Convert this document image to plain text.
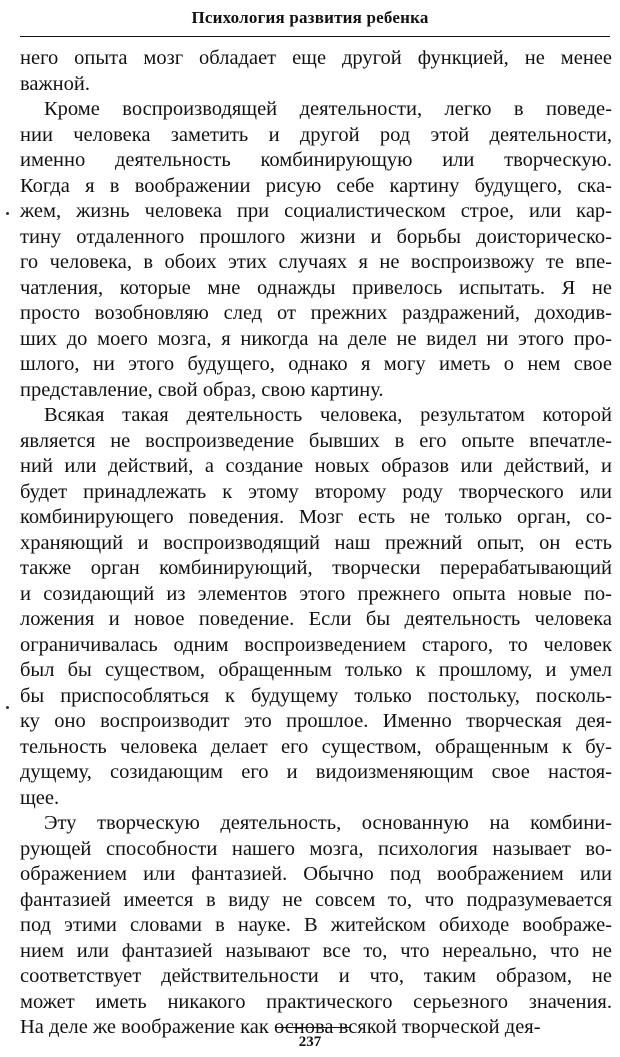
Психология развития ребенка
него опыта мозг обладает еще другой функцией, не менее
важной.
Кроме воспроизводящей деятельности, легко в поведе-
нии человека заметить и другой род этой деятельности,
именно деятельность комбинирующую или творческую.
Когда я в воображении рисую себе картину будущего, ска-
жем, жизнь человека при социалистическом строе, или кар-
тину отдаленного прошлого жизни и борьбы доисторическо-
го человека, в обоих этих случаях я не воспроизвожу те впе-
чатления, которые мне однажды привелось испытать. Я не
просто возобновляю след от прежних раздражений, доходив-
ших до моего мозга, я никогда на деле не видел ни этого про-
шлого, ни этого будущего, однако я могу иметь о нем свое
представление, свой образ, свою картину.
Всякая такая деятельность человека, результатом которой
является не воспроизведение бывших в его опыте впечатле-
ний или действий, а создание новых образов или действий, и
будет принадлежать к этому второму роду творческого или
комбинирующего поведения. Мозг есть не только орган, со-
храняющий и воспроизводящий наш прежний опыт, он есть
также орган комбинирующий, творчески перерабатывающий
и созидающий из элементов этого прежнего опыта новые по-
ложения и новое поведение. Если бы деятельность человека
ограничивалась одним воспроизведением старого, то человек
был бы существом, обращенным только к прошлому, и умел
бы приспособляться к будущему только постольку, посколь-
ку оно воспроизводит это прошлое. Именно творческая дея-
тельность человека делает его существом, обращенным к бу-
дущему, созидающим его и видоизменяющим свое настоя-
щее.
Эту творческую деятельность, основанную на комбини-
рующей способности нашего мозга, психология называет во-
ображением или фантазией. Обычно под воображением или
фантазией имеется в виду не совсем то, что подразумевается
под этими словами в науке. В житейском обиходе воображе-
нием или фантазией называют все то, что нереально, что не
соответствует действительности и что, таким образом, не
может иметь никакого практического серьезного значения.
На деле же воображение как основа всякой творческой дея-
237
